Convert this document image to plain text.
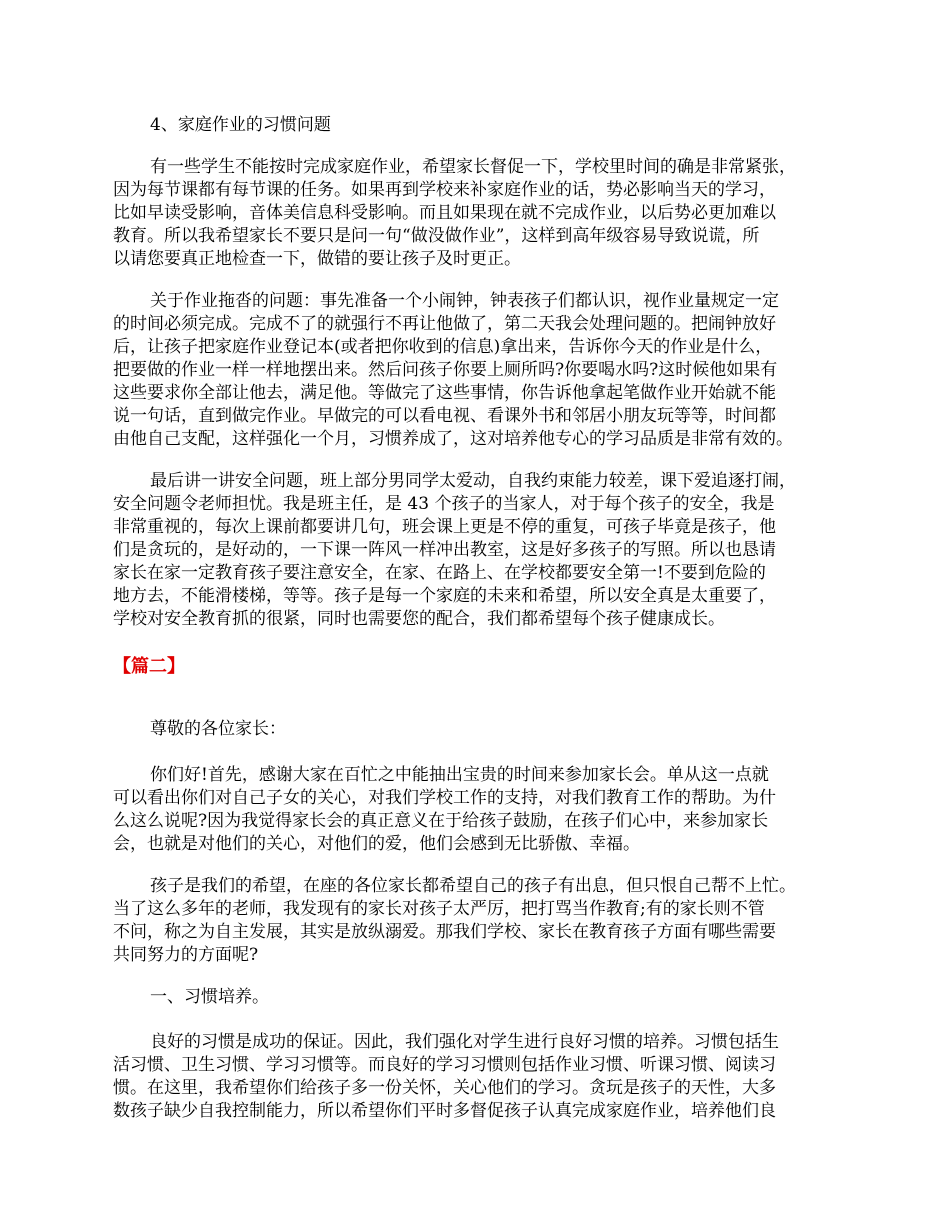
4、家庭作业的习惯问题
有一些学生不能按时完成家庭作业，希望家长督促一下，学校里时间的确是非常紧张，
因为每节课都有每节课的任务。如果再到学校来补家庭作业的话，势必影响当天的学习，
比如早读受影响，音体美信息科受影响。而且如果现在就不完成作业，以后势必更加难以
教育。所以我希望家长不要只是问一句“做没做作业”，这样到高年级容易导致说谎，所
以请您要真正地检查一下，做错的要让孩子及时更正。
关于作业拖沓的问题：事先准备一个小闹钟，钟表孩子们都认识，视作业量规定一定
的时间必须完成。完成不了的就强行不再让他做了，第二天我会处理问题的。把闹钟放好
后，让孩子把家庭作业登记本(或者把你收到的信息)拿出来，告诉你今天的作业是什么，
把要做的作业一样一样地摆出来。然后问孩子你要上厕所吗?你要喝水吗?这时候他如果有
这些要求你全部让他去，满足他。等做完了这些事情，你告诉他拿起笔做作业开始就不能
说一句话，直到做完作业。早做完的可以看电视、看课外书和邻居小朋友玩等等，时间都
由他自己支配，这样强化一个月，习惯养成了，这对培养他专心的学习品质是非常有效的。
最后讲一讲安全问题，班上部分男同学太爱动，自我约束能力较差，课下爱追逐打闹，
安全问题令老师担忧。我是班主任，是 43 个孩子的当家人，对于每个孩子的安全，我是
非常重视的，每次上课前都要讲几句，班会课上更是不停的重复，可孩子毕竟是孩子，他
们是贪玩的，是好动的，一下课一阵风一样冲出教室，这是好多孩子的写照。所以也恳请
家长在家一定教育孩子要注意安全，在家、在路上、在学校都要安全第一!不要到危险的
地方去，不能滑楼梯，等等。孩子是每一个家庭的未来和希望，所以安全真是太重要了，
学校对安全教育抓的很紧，同时也需要您的配合，我们都希望每个孩子健康成长。
【篇二】
尊敬的各位家长：
你们好!首先，感谢大家在百忙之中能抽出宝贵的时间来参加家长会。单从这一点就
可以看出你们对自己子女的关心，对我们学校工作的支持，对我们教育工作的帮助。为什
么这么说呢?因为我觉得家长会的真正意义在于给孩子鼓励，在孩子们心中，来参加家长
会，也就是对他们的关心，对他们的爱，他们会感到无比骄傲、幸福。
孩子是我们的希望，在座的各位家长都希望自己的孩子有出息，但只恨自己帮不上忙。
当了这么多年的老师，我发现有的家长对孩子太严厉，把打骂当作教育;有的家长则不管
不问，称之为自主发展，其实是放纵溺爱。那我们学校、家长在教育孩子方面有哪些需要
共同努力的方面呢?
一、习惯培养。
良好的习惯是成功的保证。因此，我们强化对学生进行良好习惯的培养。习惯包括生
活习惯、卫生习惯、学习习惯等。而良好的学习习惯则包括作业习惯、听课习惯、阅读习
惯。在这里，我希望你们给孩子多一份关怀，关心他们的学习。贪玩是孩子的天性，大多
数孩子缺少自我控制能力，所以希望你们平时多督促孩子认真完成家庭作业，培养他们良
